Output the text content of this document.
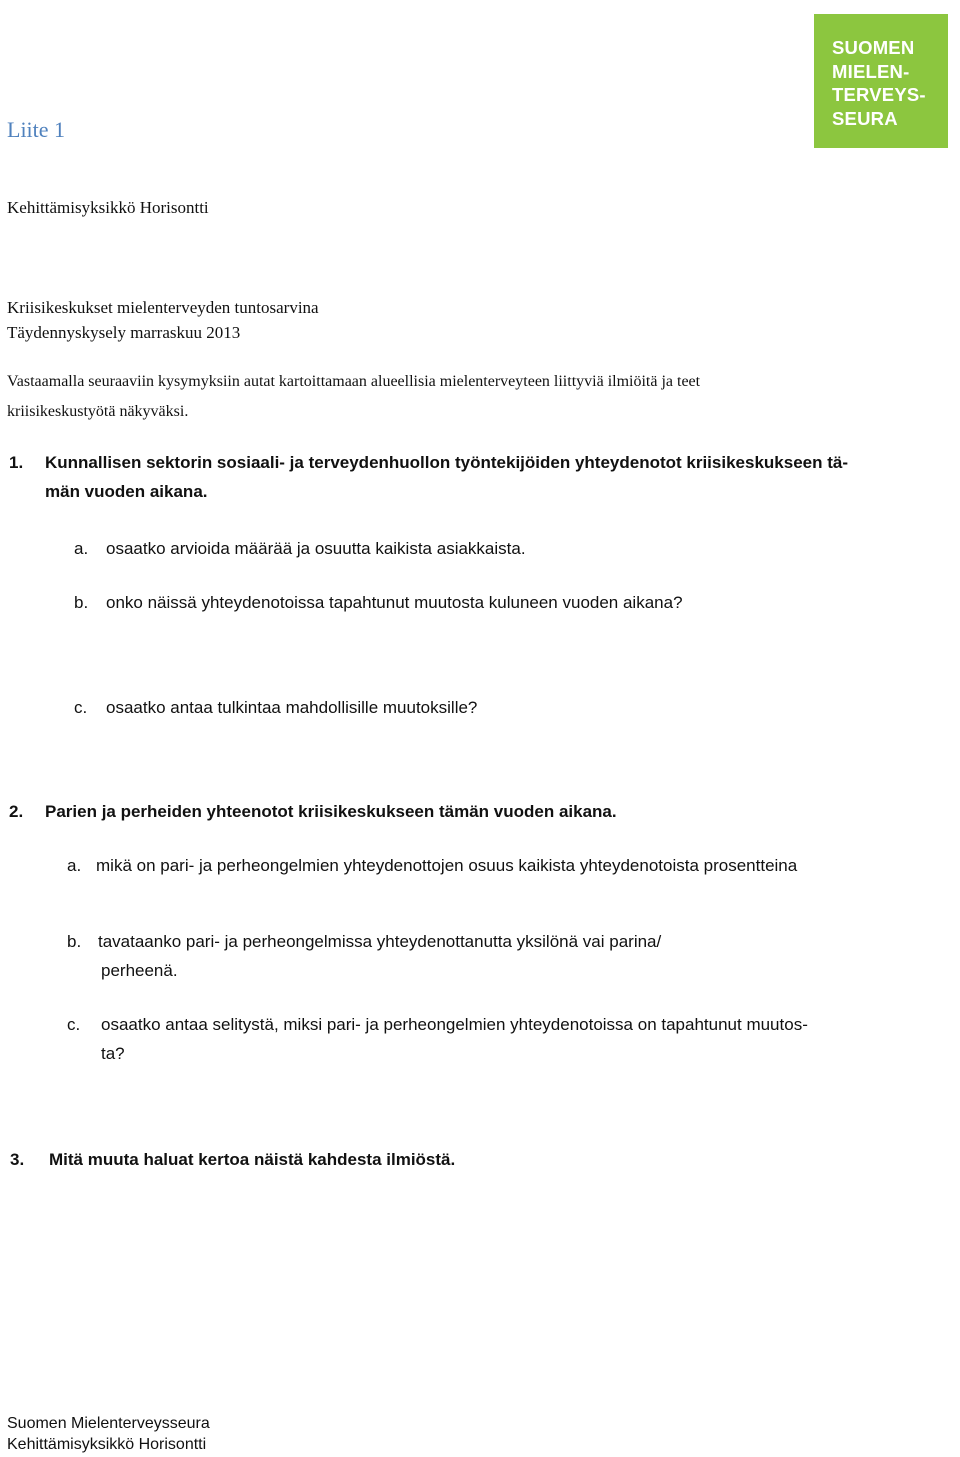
SUOMEN
MIELEN-
TERVEYS-
SEURA
Liite 1
Kehittämisyksikkö Horisontti
Kriisikeskukset mielenterveyden tuntosarvina
Täydennyskysely marraskuu 2013
Vastaamalla seuraaviin kysymyksiin autat kartoittamaan alueellisia mielenterveyteen liittyviä ilmiöitä ja teet
kriisikeskustyötä näkyväksi.
1. Kunnallisen sektorin sosiaali- ja terveydenhuollon työntekijöiden yhteydenotot kriisikeskukseen tä-
män vuoden aikana.
a. osaatko arvioida määrää ja osuutta kaikista asiakkaista.
b. onko näissä yhteydenotoissa tapahtunut muutosta kuluneen vuoden aikana?
c. osaatko antaa tulkintaa mahdollisille muutoksille?
2. Parien ja perheiden yhteenotot kriisikeskukseen tämän vuoden aikana.
a. mikä on pari- ja perheongelmien yhteydenottojen osuus kaikista yhteydenotoista prosentteina
b. tavataanko pari- ja perheongelmissa yhteydenottanutta yksilönä vai parina/
perheenä.
c. osaatko antaa selitystä, miksi pari- ja perheongelmien yhteydenotoissa on tapahtunut muutos-
ta?
3. Mitä muuta haluat kertoa näistä kahdesta ilmiöstä.
Suomen Mielenterveysseura
Kehittämisyksikkö Horisontti
